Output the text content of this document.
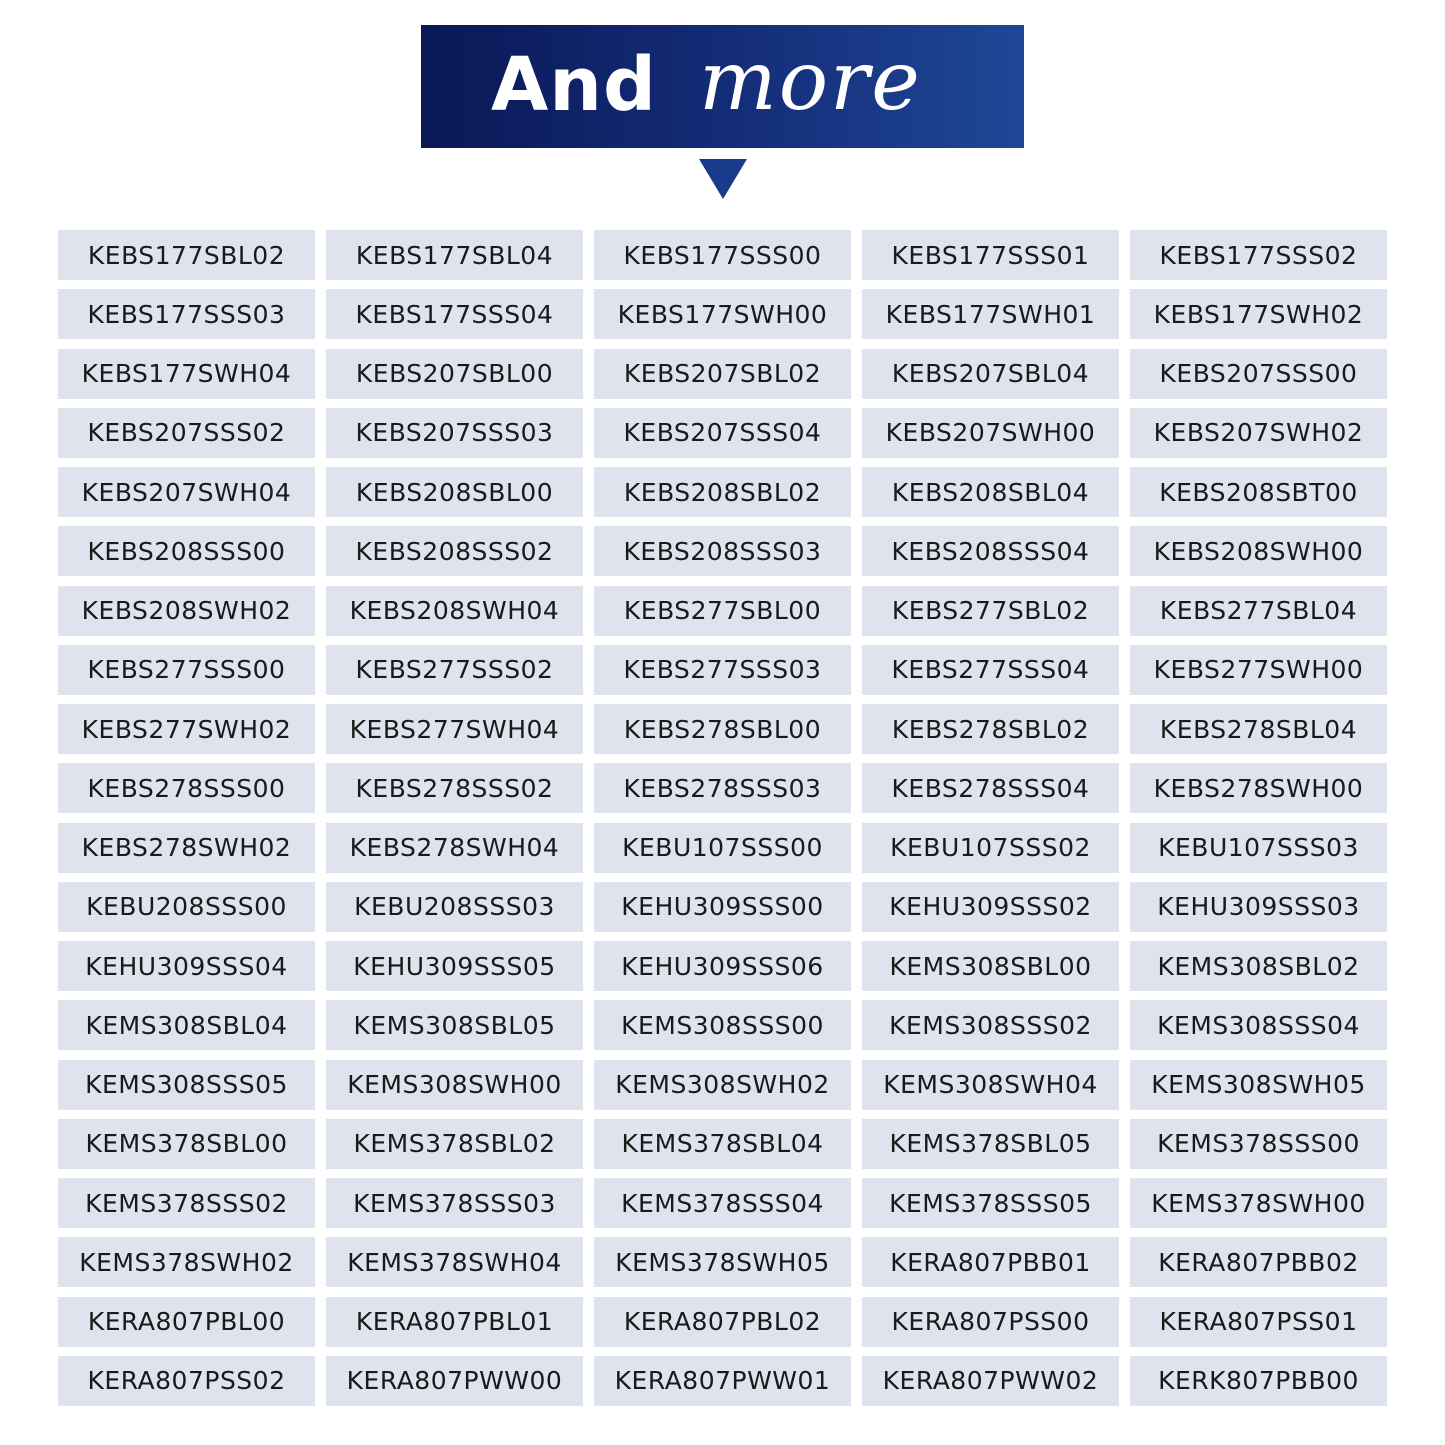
And more
KEBS177SBL02	KEBS177SBL04	KEBS177SSS00	KEBS177SSS01	KEBS177SSS02
KEBS177SSS03	KEBS177SSS04	KEBS177SWH00	KEBS177SWH01	KEBS177SWH02
KEBS177SWH04	KEBS207SBL00	KEBS207SBL02	KEBS207SBL04	KEBS207SSS00
KEBS207SSS02	KEBS207SSS03	KEBS207SSS04	KEBS207SWH00	KEBS207SWH02
KEBS207SWH04	KEBS208SBL00	KEBS208SBL02	KEBS208SBL04	KEBS208SBT00
KEBS208SSS00	KEBS208SSS02	KEBS208SSS03	KEBS208SSS04	KEBS208SWH00
KEBS208SWH02	KEBS208SWH04	KEBS277SBL00	KEBS277SBL02	KEBS277SBL04
KEBS277SSS00	KEBS277SSS02	KEBS277SSS03	KEBS277SSS04	KEBS277SWH00
KEBS277SWH02	KEBS277SWH04	KEBS278SBL00	KEBS278SBL02	KEBS278SBL04
KEBS278SSS00	KEBS278SSS02	KEBS278SSS03	KEBS278SSS04	KEBS278SWH00
KEBS278SWH02	KEBS278SWH04	KEBU107SSS00	KEBU107SSS02	KEBU107SSS03
KEBU208SSS00	KEBU208SSS03	KEHU309SSS00	KEHU309SSS02	KEHU309SSS03
KEHU309SSS04	KEHU309SSS05	KEHU309SSS06	KEMS308SBL00	KEMS308SBL02
KEMS308SBL04	KEMS308SBL05	KEMS308SSS00	KEMS308SSS02	KEMS308SSS04
KEMS308SSS05	KEMS308SWH00	KEMS308SWH02	KEMS308SWH04	KEMS308SWH05
KEMS378SBL00	KEMS378SBL02	KEMS378SBL04	KEMS378SBL05	KEMS378SSS00
KEMS378SSS02	KEMS378SSS03	KEMS378SSS04	KEMS378SSS05	KEMS378SWH00
KEMS378SWH02	KEMS378SWH04	KEMS378SWH05	KERA807PBB01	KERA807PBB02
KERA807PBL00	KERA807PBL01	KERA807PBL02	KERA807PSS00	KERA807PSS01
KERA807PSS02	KERA807PWW00	KERA807PWW01	KERA807PWW02	KERK807PBB00
